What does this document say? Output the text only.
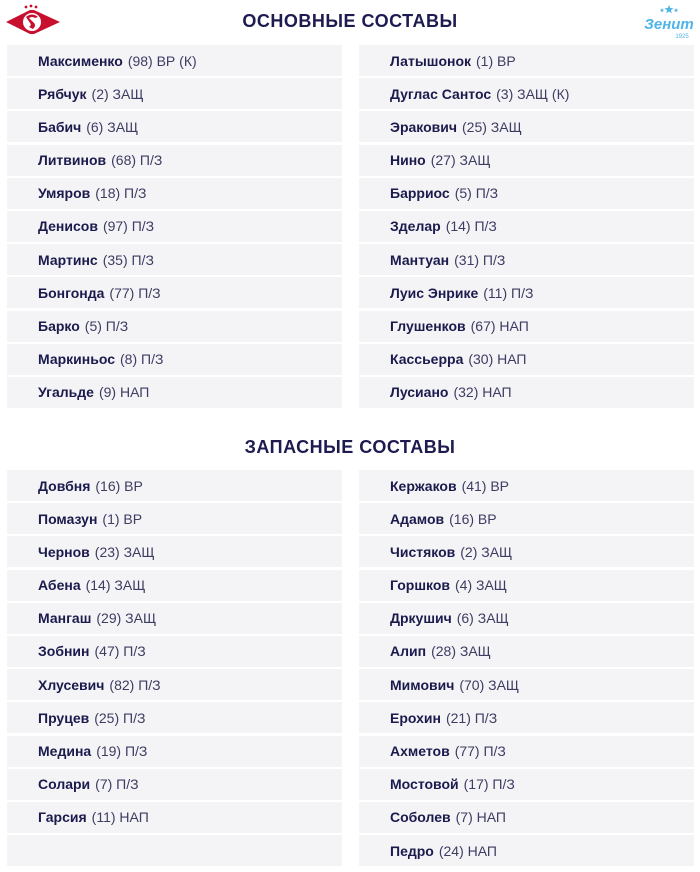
ОСНОВНЫЕ СОСТАВЫ	Зенит
1925
Максименко (98) ВР (К)
Рябчук (2) ЗАЩ
Бабич (6) ЗАЩ
Литвинов (68) П/З
Умяров (18) П/З
Денисов (97) П/З
Мартинс (35) П/З
Бонгонда (77) П/З
Барко (5) П/З
Маркиньос (8) П/З
Угальде (9) НАП
Латышонок (1) ВР
Дуглас Сантос (3) ЗАЩ (К)
Эракович (25) ЗАЩ
Нино (27) ЗАЩ
Барриос (5) П/З
Зделар (14) П/З
Мантуан (31) П/З
Луис Энрике (11) П/З
Глушенков (67) НАП
Кассьерра (30) НАП
Лусиано (32) НАП
ЗАПАСНЫЕ СОСТАВЫ
Довбня (16) ВР
Помазун (1) ВР
Чернов (23) ЗАЩ
Абена (14) ЗАЩ
Мангаш (29) ЗАЩ
Зобнин (47) П/З
Хлусевич (82) П/З
Пруцев (25) П/З
Медина (19) П/З
Солари (7) П/З
Гарсия (11) НАП
Кержаков (41) ВР
Адамов (16) ВР
Чистяков (2) ЗАЩ
Горшков (4) ЗАЩ
Дркушич (6) ЗАЩ
Алип (28) ЗАЩ
Мимович (70) ЗАЩ
Ерохин (21) П/З
Ахметов (77) П/З
Мостовой (17) П/З
Соболев (7) НАП
Педро (24) НАП
